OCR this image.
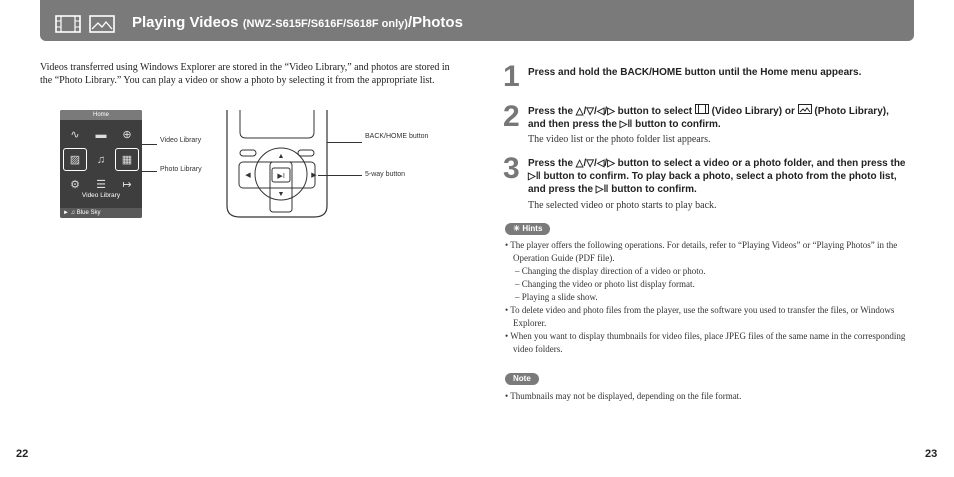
Playing Videos (NWZ-S615F/S616F/S618F only)/Photos

Videos transferred using Windows Explorer are stored in the “Video Library,” and photos are stored in the “Photo Library.” You can play a video or show a photo by selecting it from the appropriate list.

Home
∿	▬	⊕
▨	♫	▦
⚙	☰	↦
Video Library
► ♫ Blue Sky
Video Library
Photo Library
▲
▼
◀	▶
▶‖
BACK/HOME button
5-way button
1 Press and hold the BACK/HOME button until the Home menu appears.
2 Press the △/▽/◁/▷ button to select  (Video Library) or  (Photo Library), and then press the ▷‖ button to confirm.
The video list or the photo folder list appears.
3 Press the △/▽/◁/▷ button to select a video or a photo folder, and then press the ▷‖ button to confirm. To play back a photo, select a photo from the photo list, and press the ▷‖ button to confirm.
The selected video or photo starts to play back.
☀ Hints
• The player offers the following operations. For details, refer to “Playing Videos” or “Playing Photos” in the Operation Guide (PDF file).
– Changing the display direction of a video or photo.
– Changing the video or photo list display format.
– Playing a slide show.
• To delete video and photo files from the player, use the software you used to transfer the files, or Windows Explorer.
• When you want to display thumbnails for video files, place JPEG files of the same name in the corresponding video folders.
Note
• Thumbnails may not be displayed, depending on the file format.
22	23
